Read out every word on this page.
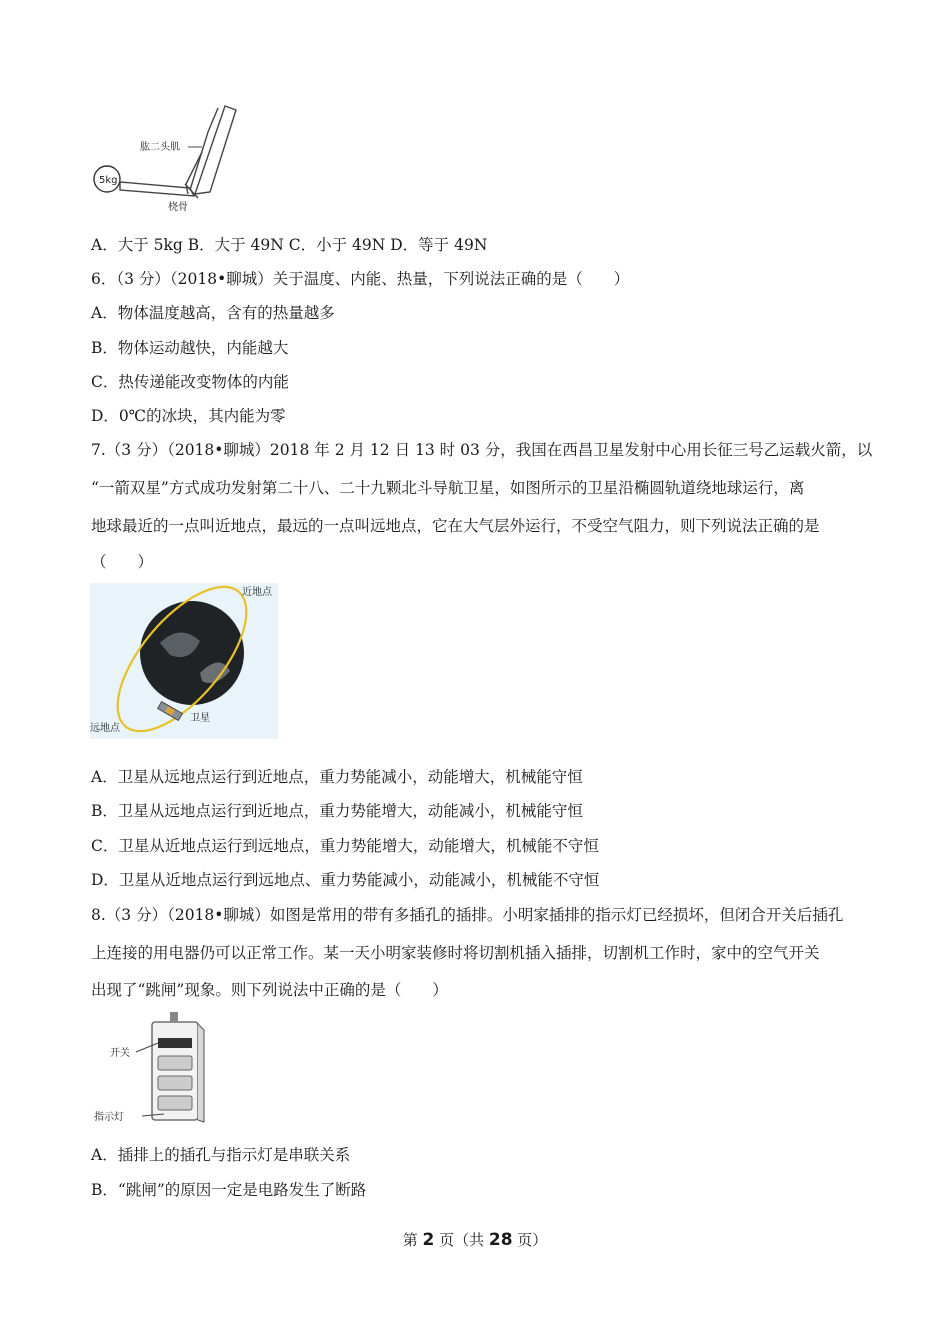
5kg
肱二头肌
桡骨
A．大于 5kg B．大于 49N C．小于 49N D．等于 49N
6．（3 分）（2018•聊城）关于温度、内能、热量，下列说法正确的是（　　）
A．物体温度越高，含有的热量越多
B．物体运动越快，内能越大
C．热传递能改变物体的内能
D．0℃的冰块，其内能为零
7.（3 分）（2018•聊城）2018 年 2 月 12 日 13 时 03 分，我国在西昌卫星发射中心用长征三号乙运载火箭，以
“一箭双星”方式成功发射第二十八、二十九颗北斗导航卫星，如图所示的卫星沿椭圆轨道绕地球运行，离
地球最近的一点叫近地点，最远的一点叫远地点，它在大气层外运行，不受空气阻力，则下列说法正确的是
（　　）
近地点
远地点
卫星
A．卫星从远地点运行到近地点，重力势能减小，动能增大，机械能守恒
B．卫星从远地点运行到近地点，重力势能增大，动能减小，机械能守恒
C．卫星从近地点运行到远地点，重力势能增大，动能增大，机械能不守恒
D．卫星从近地点运行到远地点、重力势能减小，动能减小，机械能不守恒
8.（3 分）（2018•聊城）如图是常用的带有多插孔的插排。小明家插排的指示灯已经损坏，但闭合开关后插孔
上连接的用电器仍可以正常工作。某一天小明家装修时将切割机插入插排，切割机工作时，家中的空气开关
出现了“跳闸”现象。则下列说法中正确的是（　　）
开关
指示灯
A．插排上的插孔与指示灯是串联关系
B．“跳闸”的原因一定是电路发生了断路
第 2 页（共 28 页）
